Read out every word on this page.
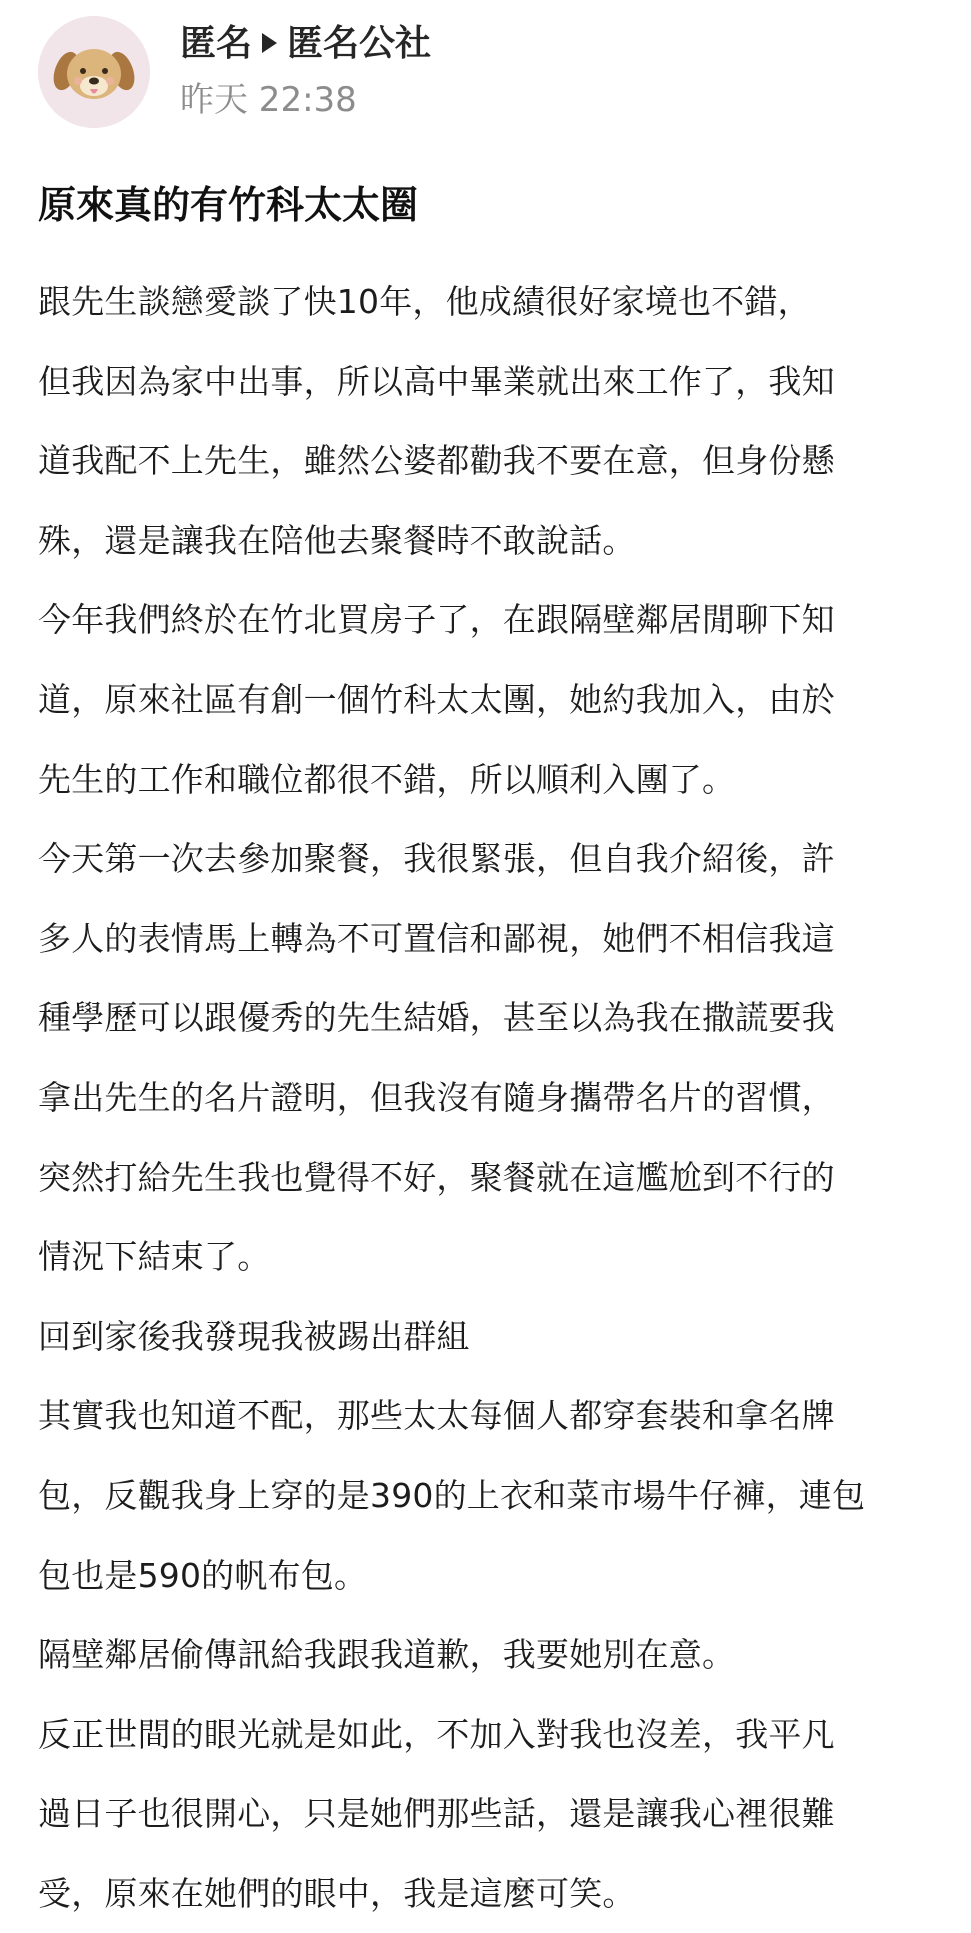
匿名 匿名公社
昨天 22:38
原來真的有竹科太太圈
跟先生談戀愛談了快10年，他成績很好家境也不錯，
但我因為家中出事，所以高中畢業就出來工作了，我知
道我配不上先生，雖然公婆都勸我不要在意，但身份懸
殊，還是讓我在陪他去聚餐時不敢說話。
今年我們終於在竹北買房子了，在跟隔壁鄰居閒聊下知
道，原來社區有創一個竹科太太團，她約我加入，由於
先生的工作和職位都很不錯，所以順利入團了。
今天第一次去參加聚餐，我很緊張，但自我介紹後，許
多人的表情馬上轉為不可置信和鄙視，她們不相信我這
種學歷可以跟優秀的先生結婚，甚至以為我在撒謊要我
拿出先生的名片證明，但我沒有隨身攜帶名片的習慣，
突然打給先生我也覺得不好，聚餐就在這尷尬到不行的
情況下結束了。
回到家後我發現我被踢出群組
其實我也知道不配，那些太太每個人都穿套裝和拿名牌
包，反觀我身上穿的是390的上衣和菜市場牛仔褲，連包
包也是590的帆布包。
隔壁鄰居偷傳訊給我跟我道歉，我要她別在意。
反正世間的眼光就是如此，不加入對我也沒差，我平凡
過日子也很開心，只是她們那些話，還是讓我心裡很難
受，原來在她們的眼中，我是這麼可笑。
